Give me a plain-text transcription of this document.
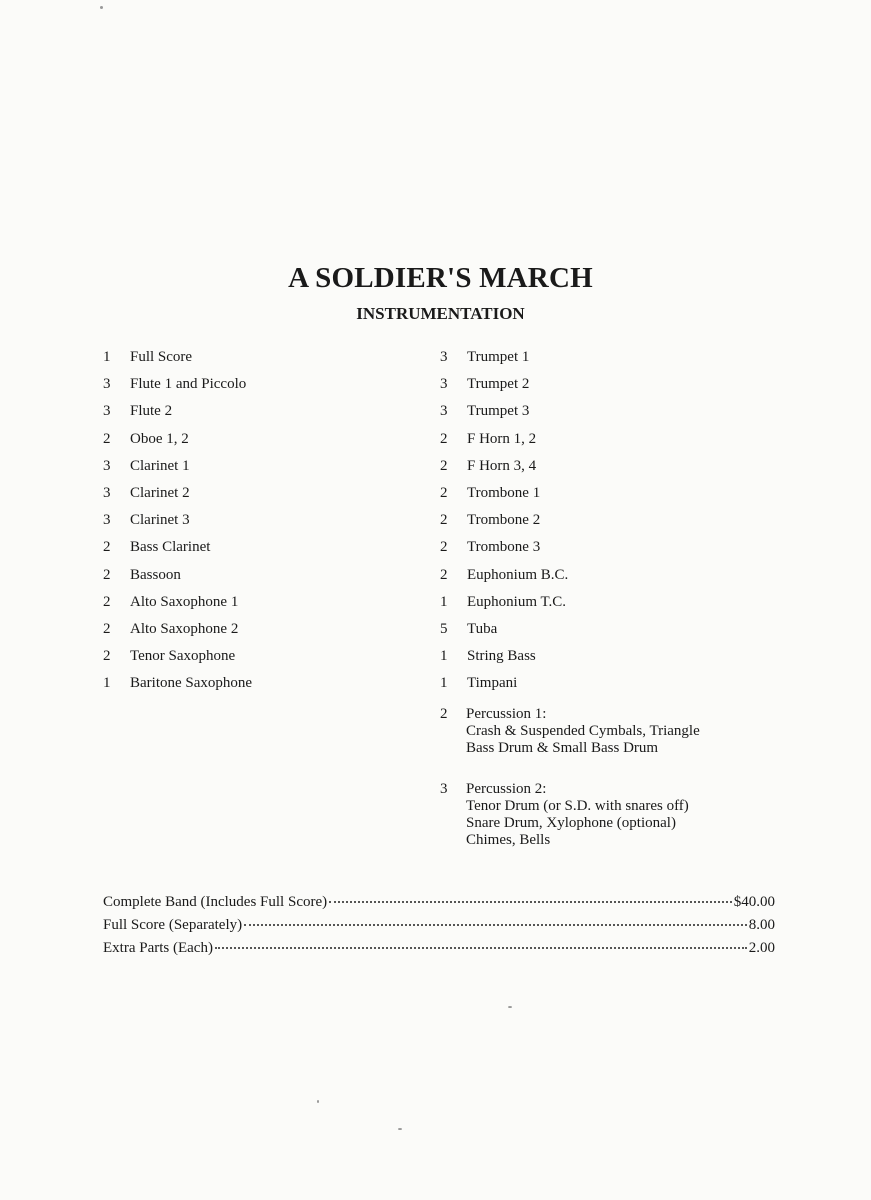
A SOLDIER'S MARCH
INSTRUMENTATION
1	Full Score
3	Flute 1 and Piccolo
3	Flute 2
2	Oboe 1, 2
3	Clarinet 1
3	Clarinet 2
3	Clarinet 3
2	Bass Clarinet
2	Bassoon
2	Alto Saxophone 1
2	Alto Saxophone 2
2	Tenor Saxophone
1	Baritone Saxophone
3	Trumpet 1
3	Trumpet 2
3	Trumpet 3
2	F Horn 1, 2
2	F Horn 3, 4
2	Trombone 1
2	Trombone 2
2	Trombone 3
2	Euphonium B.C.
1	Euphonium T.C.
5	Tuba
1	String Bass
1	Timpani
2	Percussion 1:
Crash & Suspended Cymbals, Triangle
Bass Drum & Small Bass Drum
3	Percussion 2:
Tenor Drum (or S.D. with snares off)
Snare Drum, Xylophone (optional)
Chimes, Bells
Complete Band (Includes Full Score)	$40.00
Full Score (Separately)	8.00
Extra Parts (Each)	2.00
